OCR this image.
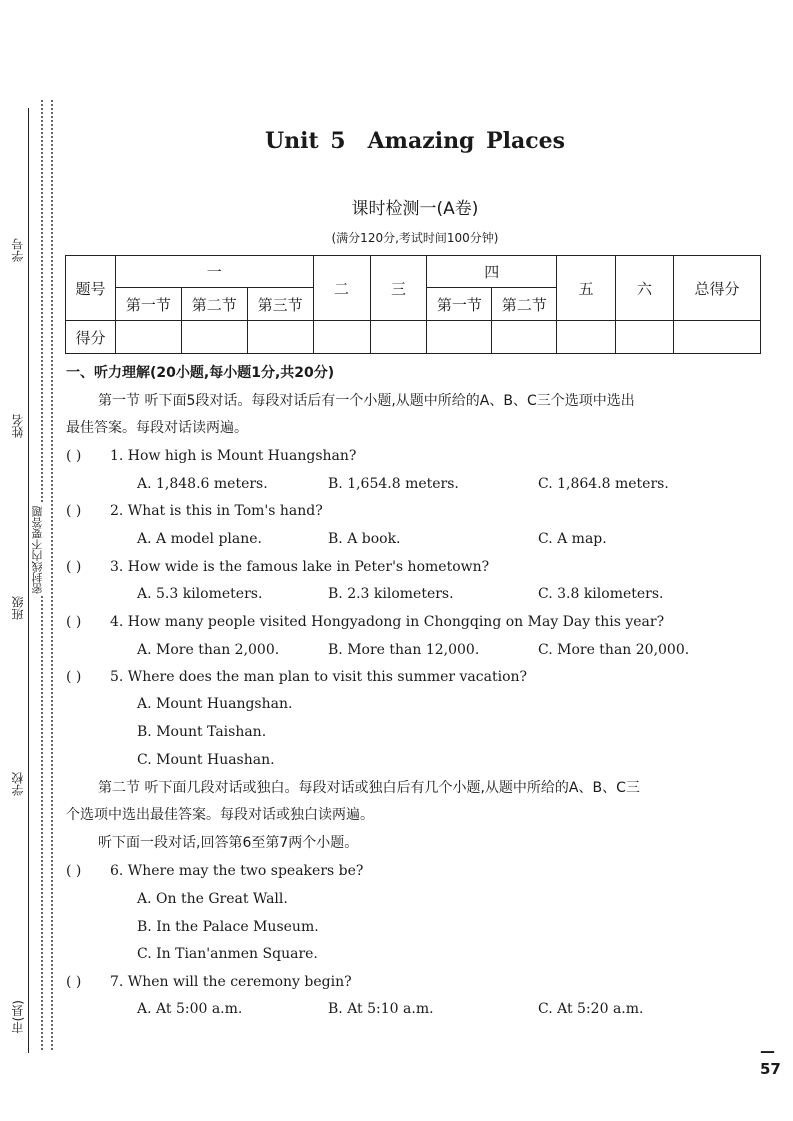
学号
姓名
班级
学校
市(县)
密封线内不要答题
Unit 5 Amazing Places
课时检测一(A卷)
(满分120分,考试时间100分钟)
题号	一			二	三	四		五	六	总得分
	第一节	第二节	第三节			第一节	第二节			
得分										
一、听力理解(20小题,每小题1分,共20分)
第一节 听下面5段对话。每段对话后有一个小题,从题中所给的A、B、C三个选项中选出
最佳答案。每段对话读两遍。
( ) 1. How high is Mount Huangshan?
A. 1,848.6 meters.	B. 1,654.8 meters.	C. 1,864.8 meters.
( ) 2. What is this in Tom's hand?
A. A model plane.	B. A book.	C. A map.
( ) 3. How wide is the famous lake in Peter's hometown?
A. 5.3 kilometers.	B. 2.3 kilometers.	C. 3.8 kilometers.
( ) 4. How many people visited Hongyadong in Chongqing on May Day this year?
A. More than 2,000.	B. More than 12,000.	C. More than 20,000.
( ) 5. Where does the man plan to visit this summer vacation?
A. Mount Huangshan.
B. Mount Taishan.
C. Mount Huashan.
第二节 听下面几段对话或独白。每段对话或独白后有几个小题,从题中所给的A、B、C三
个选项中选出最佳答案。每段对话或独白读两遍。
听下面一段对话,回答第6至第7两个小题。
( ) 6. Where may the two speakers be?
A. On the Great Wall.
B. In the Palace Museum.
C. In Tian'anmen Square.
( ) 7. When will the ceremony begin?
A. At 5:00 a.m.	B. At 5:10 a.m.	C. At 5:20 a.m.
— 57
